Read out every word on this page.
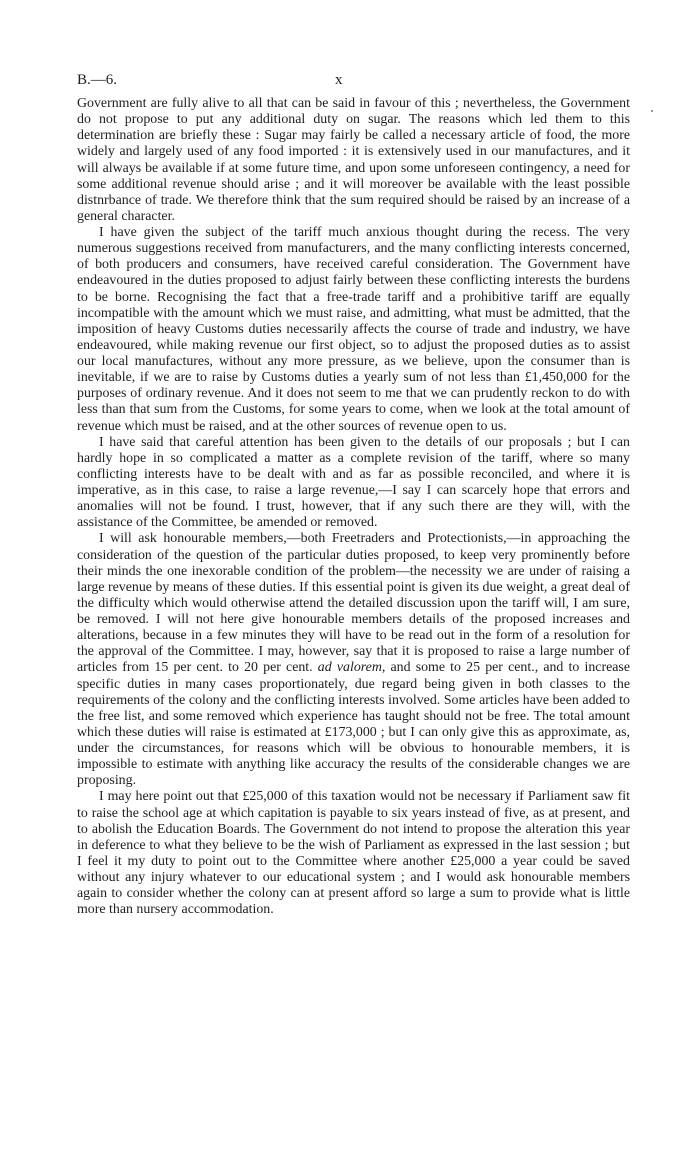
B.—6.	x

Government are fully alive to all that can be said in favour of this ; nevertheless, the Government do not propose to put any additional duty on sugar. The reasons which led them to this determination are briefly these : Sugar may fairly be called a necessary article of food, the more widely and largely used of any food imported : it is extensively used in our manufactures, and it will always be available if at some future time, and upon some unforeseen contingency, a need for some additional revenue should arise ; and it will moreover be available with the least possible distnrbance of trade. We therefore think that the sum required should be raised by an increase of a general character.

I have given the subject of the tariff much anxious thought during the recess. The very numerous suggestions received from manufacturers, and the many conflicting interests concerned, of both producers and consumers, have received careful consideration. The Government have endeavoured in the duties proposed to adjust fairly between these conflicting interests the burdens to be borne. Recognising the fact that a free-trade tariff and a prohibitive tariff are equally incompatible with the amount which we must raise, and admitting, what must be admitted, that the imposition of heavy Customs duties necessarily affects the course of trade and industry, we have endeavoured, while making revenue our first object, so to adjust the proposed duties as to assist our local manufactures, without any more pressure, as we believe, upon the consumer than is inevitable, if we are to raise by Customs duties a yearly sum of not less than £1,450,000 for the purposes of ordinary revenue. And it does not seem to me that we can prudently reckon to do with less than that sum from the Customs, for some years to come, when we look at the total amount of revenue which must be raised, and at the other sources of revenue open to us.

I have said that careful attention has been given to the details of our proposals ; but I can hardly hope in so complicated a matter as a complete revision of the tariff, where so many conflicting interests have to be dealt with and as far as possible reconciled, and where it is imperative, as in this case, to raise a large revenue,—I say I can scarcely hope that errors and anomalies will not be found. I trust, however, that if any such there are they will, with the assistance of the Committee, be amended or removed.

I will ask honourable members,—both Freetraders and Protectionists,—in approaching the consideration of the question of the particular duties proposed, to keep very prominently before their minds the one inexorable condition of the problem—the necessity we are under of raising a large revenue by means of these duties. If this essential point is given its due weight, a great deal of the difficulty which would otherwise attend the detailed discussion upon the tariff will, I am sure, be removed. I will not here give honourable members details of the proposed increases and alterations, because in a few minutes they will have to be read out in the form of a resolution for the approval of the Committee. I may, however, say that it is proposed to raise a large number of articles from 15 per cent. to 20 per cent. ad valorem, and some to 25 per cent., and to increase specific duties in many cases proportionately, due regard being given in both classes to the requirements of the colony and the conflicting interests involved. Some articles have been added to the free list, and some removed which experience has taught should not be free. The total amount which these duties will raise is estimated at £173,000 ; but I can only give this as approximate, as, under the circumstances, for reasons which will be obvious to honourable members, it is impossible to estimate with anything like accuracy the results of the considerable changes we are proposing.

I may here point out that £25,000 of this taxation would not be necessary if Parliament saw fit to raise the school age at which capitation is payable to six years instead of five, as at present, and to abolish the Education Boards. The Government do not intend to propose the alteration this year in deference to what they believe to be the wish of Parliament as expressed in the last session ; but I feel it my duty to point out to the Committee where another £25,000 a year could be saved without any injury whatever to our educational system ; and I would ask honourable members again to consider whether the colony can at present afford so large a sum to provide what is little more than nursery accommodation.
